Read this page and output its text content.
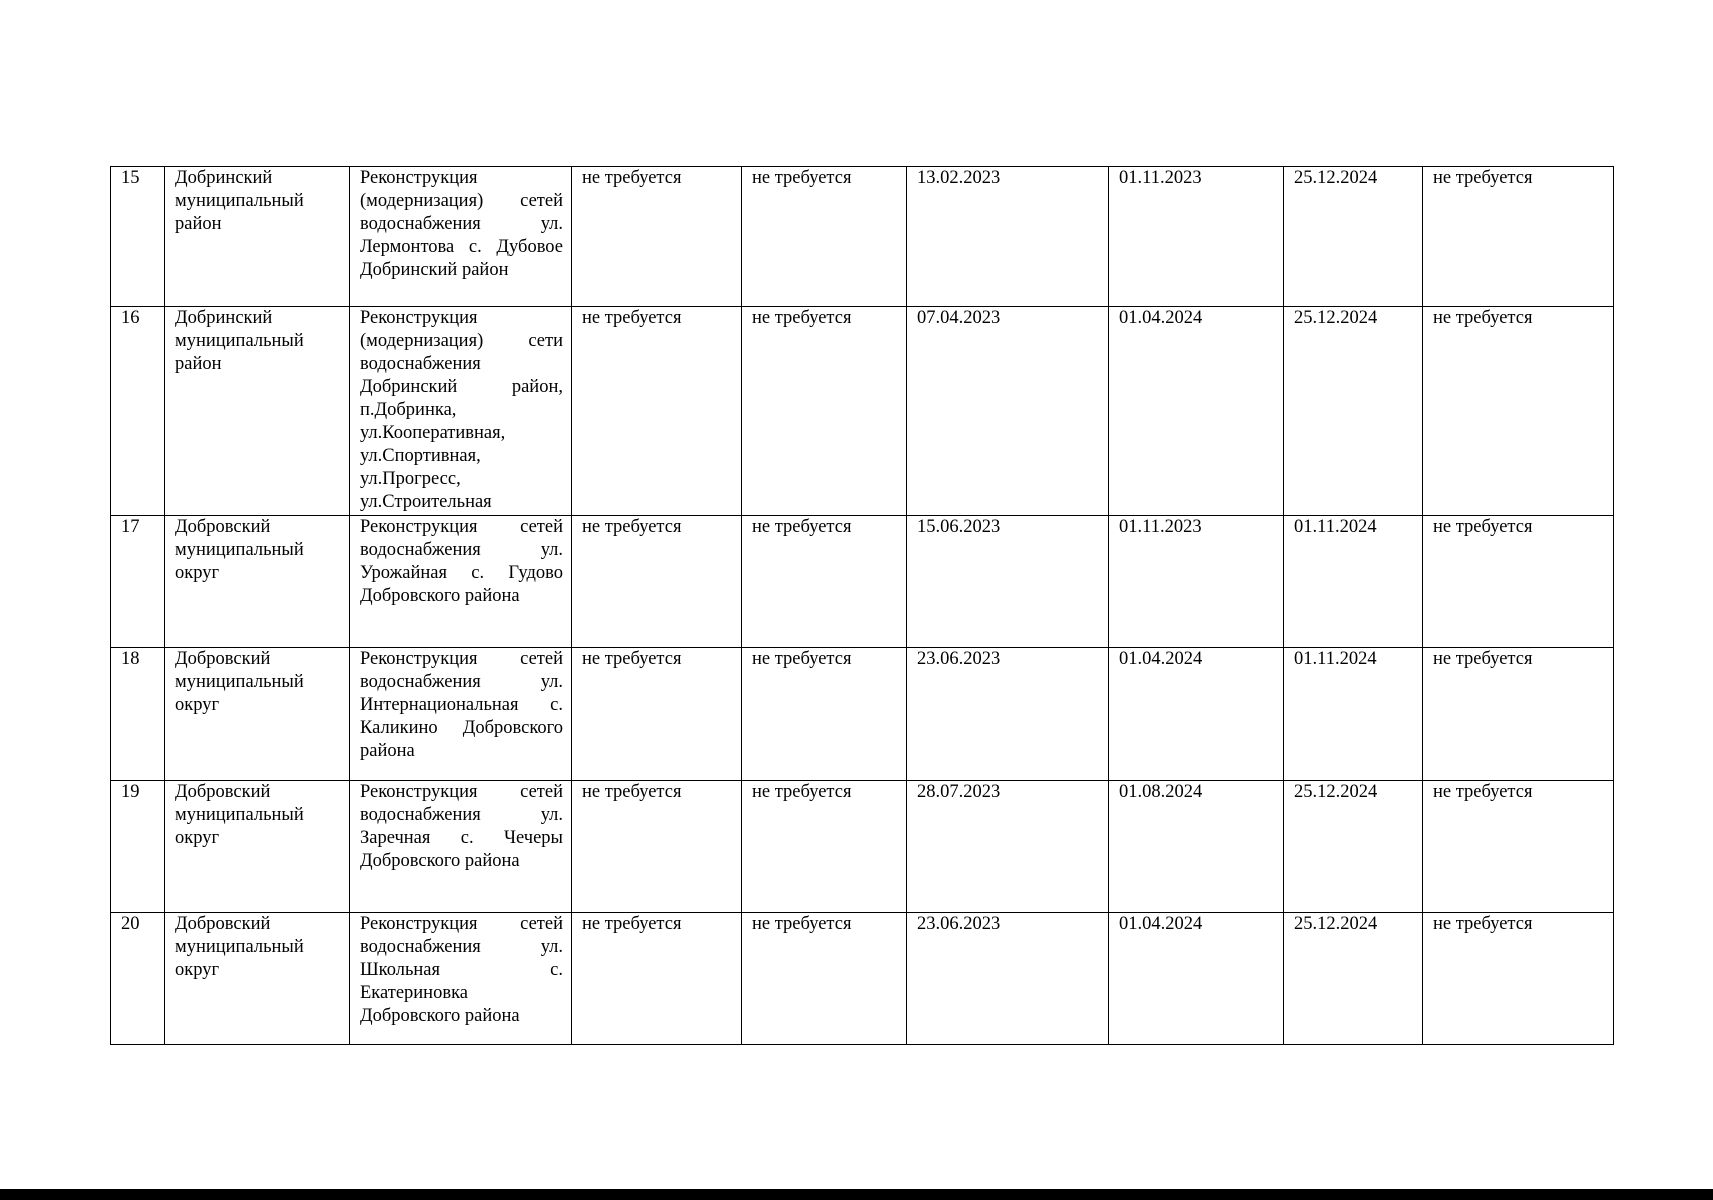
15	Добринский муниципальный район	Реконструкция (модернизация) сетей водоснабжения ул. Лермонтова с. Дубовое Добринский район	не требуется	не требуется	13.02.2023	01.11.2023	25.12.2024	не требуется
16	Добринский муниципальный район	Реконструкция (модернизация) сети водоснабжения Добринский район, п.Добринка, ул.Кооперативная, ул.Спортивная, ул.Прогресс, ул.Строительная	не требуется	не требуется	07.04.2023	01.04.2024	25.12.2024	не требуется
17	Добровский муниципальный округ	Реконструкция сетей водоснабжения ул. Урожайная с. Гудово Добровского района	не требуется	не требуется	15.06.2023	01.11.2023	01.11.2024	не требуется
18	Добровский муниципальный округ	Реконструкция сетей водоснабжения ул. Интернациональная с. Каликино Добровского района	не требуется	не требуется	23.06.2023	01.04.2024	01.11.2024	не требуется
19	Добровский муниципальный округ	Реконструкция сетей водоснабжения ул. Заречная с. Чечеры Добровского района	не требуется	не требуется	28.07.2023	01.08.2024	25.12.2024	не требуется
20	Добровский муниципальный округ	Реконструкция сетей водоснабжения ул. Школьная с. Екатериновка Добровского района	не требуется	не требуется	23.06.2023	01.04.2024	25.12.2024	не требуется
